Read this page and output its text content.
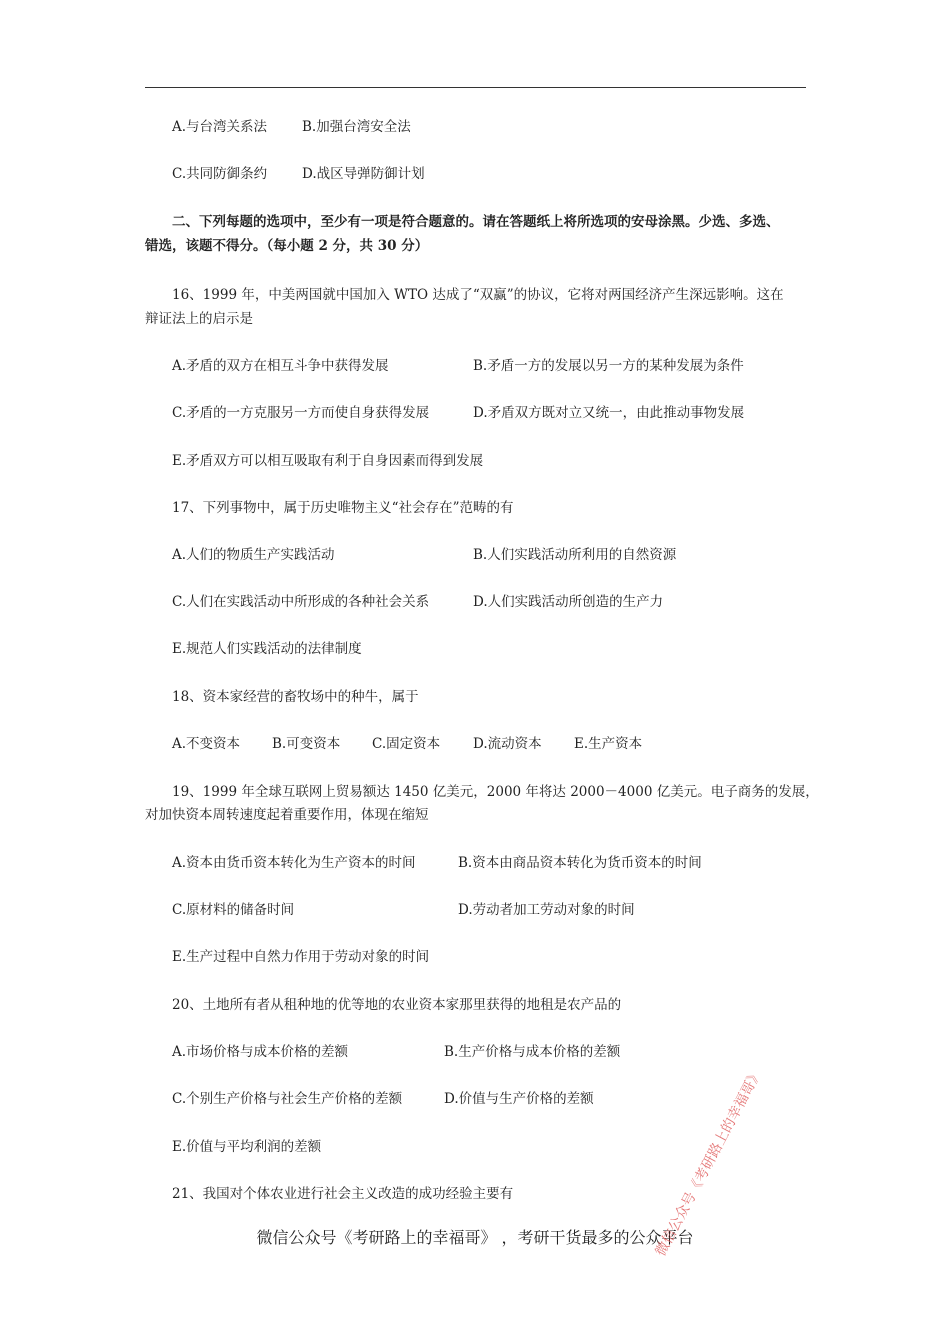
A.与台湾关系法	B.加强台湾安全法
C.共同防御条约	D.战区导弹防御计划
二、下列每题的选项中，至少有一项是符合题意的。请在答题纸上将所选项的安母涂黑。少选、多选、
错选，该题不得分。（每小题 2 分，共 30 分）
16、1999 年，中美两国就中国加入 WTO 达成了“双赢”的协议，它将对两国经济产生深远影响。这在
辩证法上的启示是
A.矛盾的双方在相互斗争中获得发展	B.矛盾一方的发展以另一方的某种发展为条件
C.矛盾的一方克服另一方而使自身获得发展	D.矛盾双方既对立又统一，由此推动事物发展
E.矛盾双方可以相互吸取有利于自身因素而得到发展
17、下列事物中，属于历史唯物主义“社会存在”范畴的有
A.人们的物质生产实践活动	B.人们实践活动所利用的自然资源
C.人们在实践活动中所形成的各种社会关系	D.人们实践活动所创造的生产力
E.规范人们实践活动的法律制度
18、资本家经营的畜牧场中的种牛，属于
A.不变资本 B.可变资本 C.固定资本 D.流动资本 E.生产资本
19、1999 年全球互联网上贸易额达 1450 亿美元，2000 年将达 2000－4000 亿美元。电子商务的发展，
对加快资本周转速度起着重要作用，体现在缩短
A.资本由货币资本转化为生产资本的时间	B.资本由商品资本转化为货币资本的时间
C.原材料的储备时间	D.劳动者加工劳动对象的时间
E.生产过程中自然力作用于劳动对象的时间
20、土地所有者从租种地的优等地的农业资本家那里获得的地租是农产品的
A.市场价格与成本价格的差额	B.生产价格与成本价格的差额
C.个别生产价格与社会生产价格的差额	D.价值与生产价格的差额
E.价值与平均利润的差额
21、我国对个体农业进行社会主义改造的成功经验主要有
微信公众号《考研路上的幸福哥》 ，考研干货最多的公众平台
微信公众号《考研路上的幸福哥》
